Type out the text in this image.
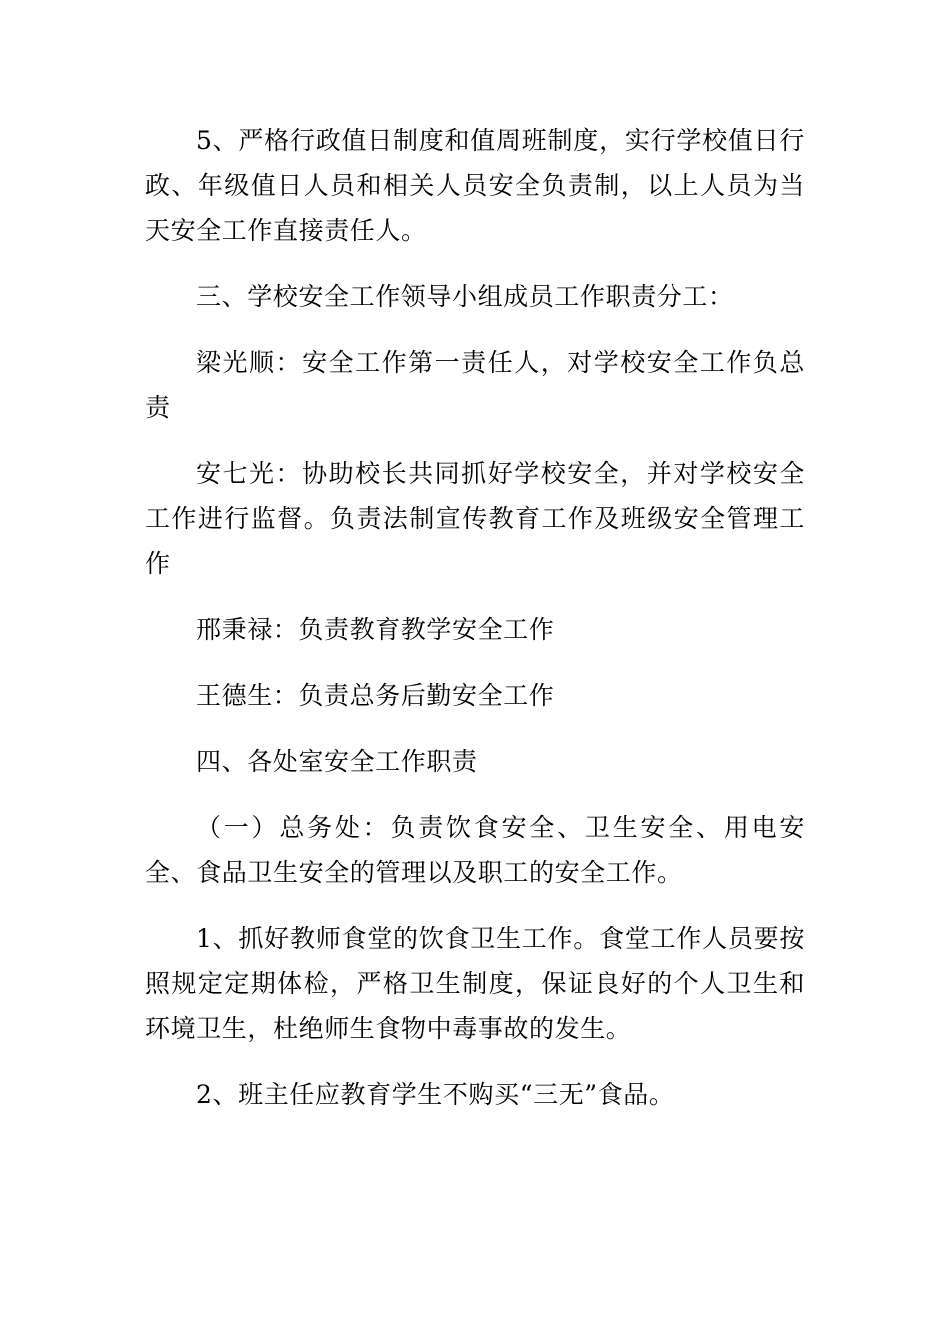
5、严格行政值日制度和值周班制度，实行学校值日行政、年级值日人员和相关人员安全负责制，以上人员为当天安全工作直接责任人。

三、学校安全工作领导小组成员工作职责分工：

梁光顺：安全工作第一责任人，对学校安全工作负总责

安七光：协助校长共同抓好学校安全，并对学校安全工作进行监督。负责法制宣传教育工作及班级安全管理工作

邢秉禄：负责教育教学安全工作

王德生：负责总务后勤安全工作

四、各处室安全工作职责

（一）总务处：负责饮食安全、卫生安全、用电安全、食品卫生安全的管理以及职工的安全工作。

1、抓好教师食堂的饮食卫生工作。食堂工作人员要按照规定定期体检，严格卫生制度，保证良好的个人卫生和环境卫生，杜绝师生食物中毒事故的发生。

2、班主任应教育学生不购买“三无”食品。
